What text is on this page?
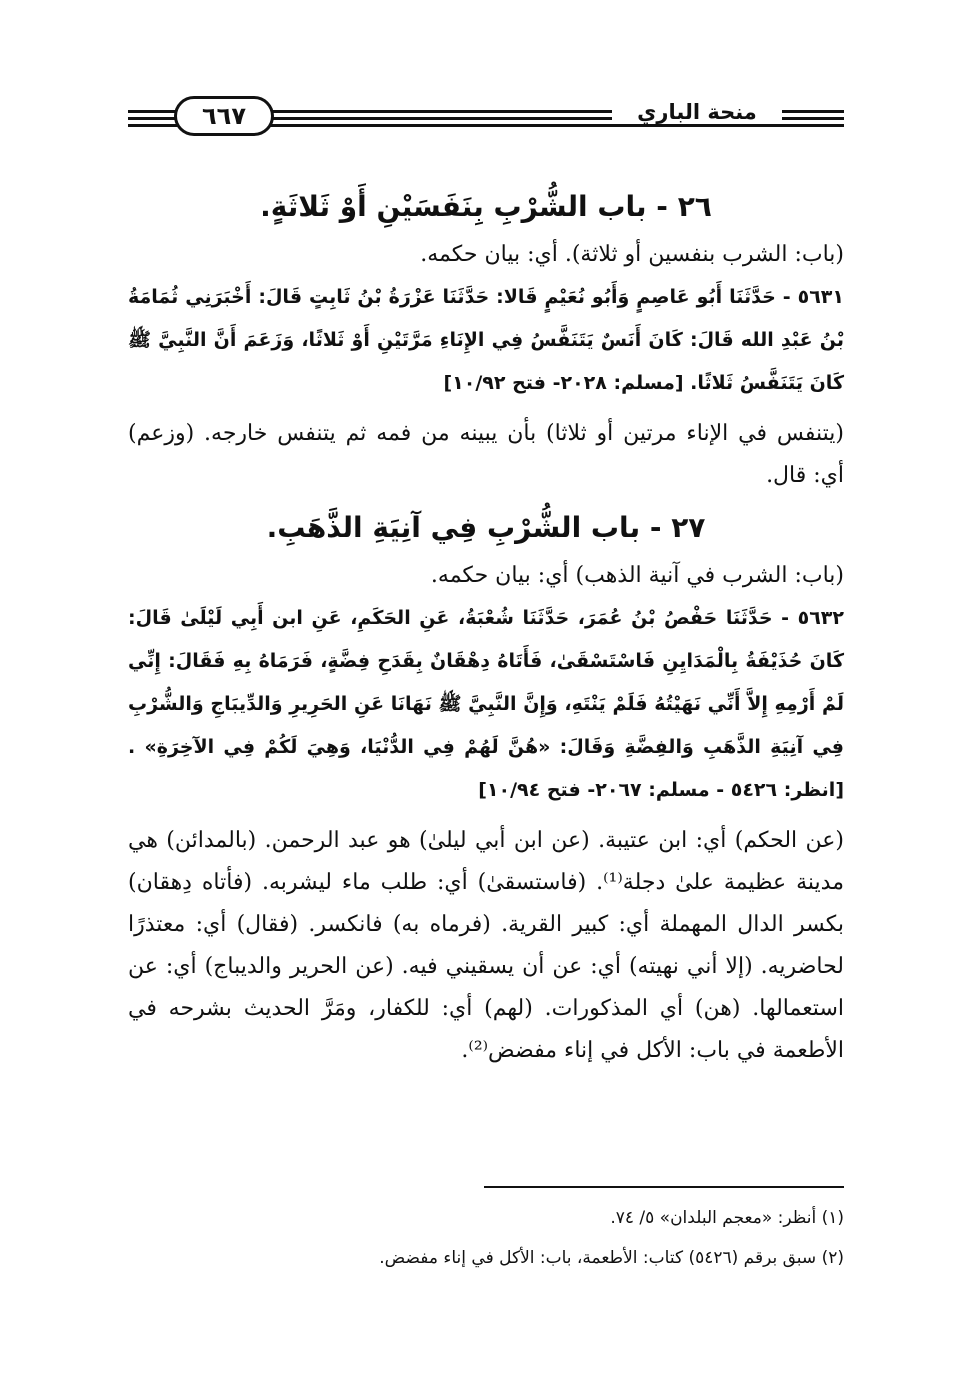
٦٦٧	منحة الباري
٢٦ - باب الشُّرْبِ بِنَفَسَيْنِ أَوْ ثَلاثَةٍ.

(باب: الشرب بنفسين أو ثلاثة). أي: بيان حكمه.

٥٦٣١ - حَدَّثَنَا أَبُو عَاصِمٍ وَأَبُو نُعَيْمٍ قَالا: حَدَّثَنَا عَزْرَةُ بْنُ ثَابِتٍ قَالَ: أَخْبَرَنِي ثُمَامَةُ بْنُ عَبْدِ الله قَالَ: كَانَ أَنَسٌ يَتَنَفَّسُ فِي الإِنَاءِ مَرَّتَيْنِ أَوْ ثَلاثًا، وَزَعَمَ أَنَّ النَّبِيَّ ﷺ كَانَ يَتَنَفَّسُ ثَلاثًا. [مسلم: ٢٠٢٨- فتح ١٠/٩٢]

(يتنفس في الإناء مرتين أو ثلاثا) بأن يبينه من فمه ثم يتنفس خارجه. (وزعم) أي: قال.

٢٧ - باب الشُّرْبِ فِي آنِيَةِ الذَّهَبِ.

(باب: الشرب في آنية الذهب) أي: بيان حكمه.

٥٦٣٢ - حَدَّثَنَا حَفْصُ بْنُ عُمَرَ، حَدَّثَنَا شُعْبَةُ، عَنِ الحَكَمِ، عَنِ ابن أَبِي لَيْلَىٰ قَالَ: كَانَ حُذَيْفَةُ بِالْمَدَايِنِ فَاسْتَسْقَىٰ، فَأَتَاهُ دِهْقَانٌ بِقَدَحِ فِضَّةٍ، فَرَمَاهُ بِهِ فَقَالَ: إِنِّي لَمْ أَرْمِهِ إِلاَّ أَنِّي نَهَيْتُهُ فَلَمْ يَنْتَهِ، وَإِنَّ النَّبِيَّ ﷺ نَهَانَا عَنِ الحَرِيرِ وَالدِّيبَاجِ وَالشُّرْبِ فِي آنِيَةِ الذَّهَبِ وَالفِضَّةِ وَقَالَ: «هُنَّ لَهُمْ فِي الدُّنْيَا، وَهِيَ لَكُمْ فِي الآخِرَةِ» .[انظر: ٥٤٢٦ - مسلم: ٢٠٦٧- فتح ١٠/٩٤]

(عن الحكم) أي: ابن عتيبة. (عن ابن أبي ليلىٰ) هو عبد الرحمن. (بالمدائن) هي مدينة عظيمة علىٰ دجلة⁽¹⁾. (فاستسقىٰ) أي: طلب ماء ليشربه. (فأتاه دِهقان) بكسر الدال المهملة أي: كبير القرية. (فرماه به) فانكسر. (فقال) أي: معتذرًا لحاضريه. (إلا أني نهيته) أي: عن أن يسقيني فيه. (عن الحرير والديباج) أي: عن استعمالها. (هن) أي المذكورات. (لهم) أي: للكفار، ومَرَّ الحديث بشرحه في الأطعمة في باب: الأكل في إناء مفضض⁽²⁾.

(١) أنظر: «معجم البلدان» ٥/ ٧٤.

(٢) سبق برقم (٥٤٢٦) كتاب: الأطعمة، باب: الأكل في إناء مفضض.
